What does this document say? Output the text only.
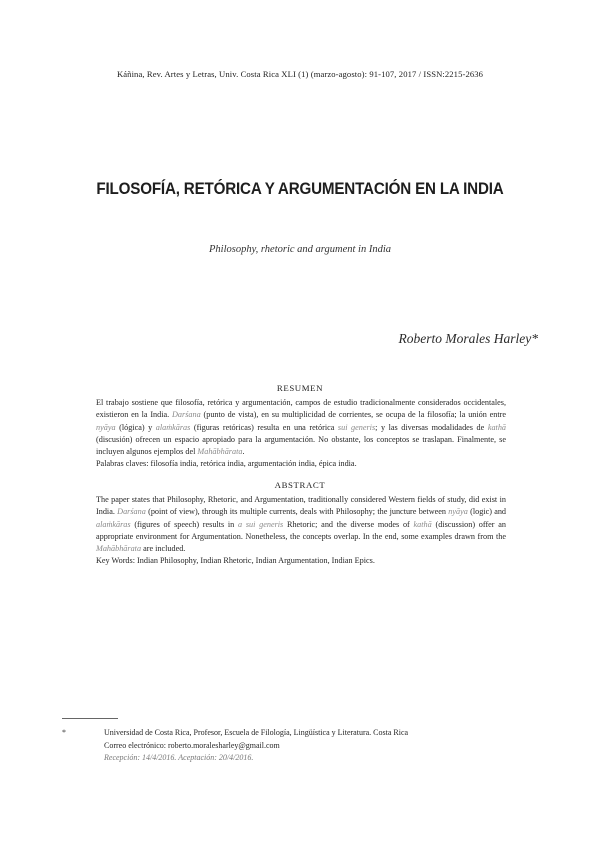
Káñina, Rev. Artes y Letras, Univ. Costa Rica XLI (1) (marzo-agosto): 91-107, 2017 / ISSN:2215-2636
FILOSOFÍA, RETÓRICA Y ARGUMENTACIÓN EN LA INDIA
Philosophy, rhetoric and argument in India
Roberto Morales Harley*
RESUMEN

El trabajo sostiene que filosofía, retórica y argumentación, campos de estudio tradicionalmente considerados occidentales, existieron en la India. Darśana (punto de vista), en su multiplicidad de corrientes, se ocupa de la filosofía; la unión entre nyāya (lógica) y alaṁkāras (figuras retóricas) resulta en una retórica sui generis; y las diversas modalidades de kathā (discusión) ofrecen un espacio apropiado para la argumentación. No obstante, los conceptos se traslapan. Finalmente, se incluyen algunos ejemplos del Mahābhārata.

Palabras claves: filosofía india, retórica india, argumentación india, épica india.

ABSTRACT

The paper states that Philosophy, Rhetoric, and Argumentation, traditionally considered Western fields of study, did exist in India. Darśana (point of view), through its multiple currents, deals with Philosophy; the juncture between nyāya (logic) and alaṁkāras (figures of speech) results in a sui generis Rhetoric; and the diverse modes of kathā (discussion) offer an appropriate environment for Argumentation. Nonetheless, the concepts overlap. In the end, some examples drawn from the Mahābhārata are included.

Key Words: Indian Philosophy, Indian Rhetoric, Indian Argumentation, Indian Epics.

*	Universidad de Costa Rica, Profesor, Escuela de Filología, Lingüística y Literatura. Costa Rica

Correo electrónico: roberto.moralesharley@gmail.com

Recepción: 14/4/2016. Aceptación: 20/4/2016.
